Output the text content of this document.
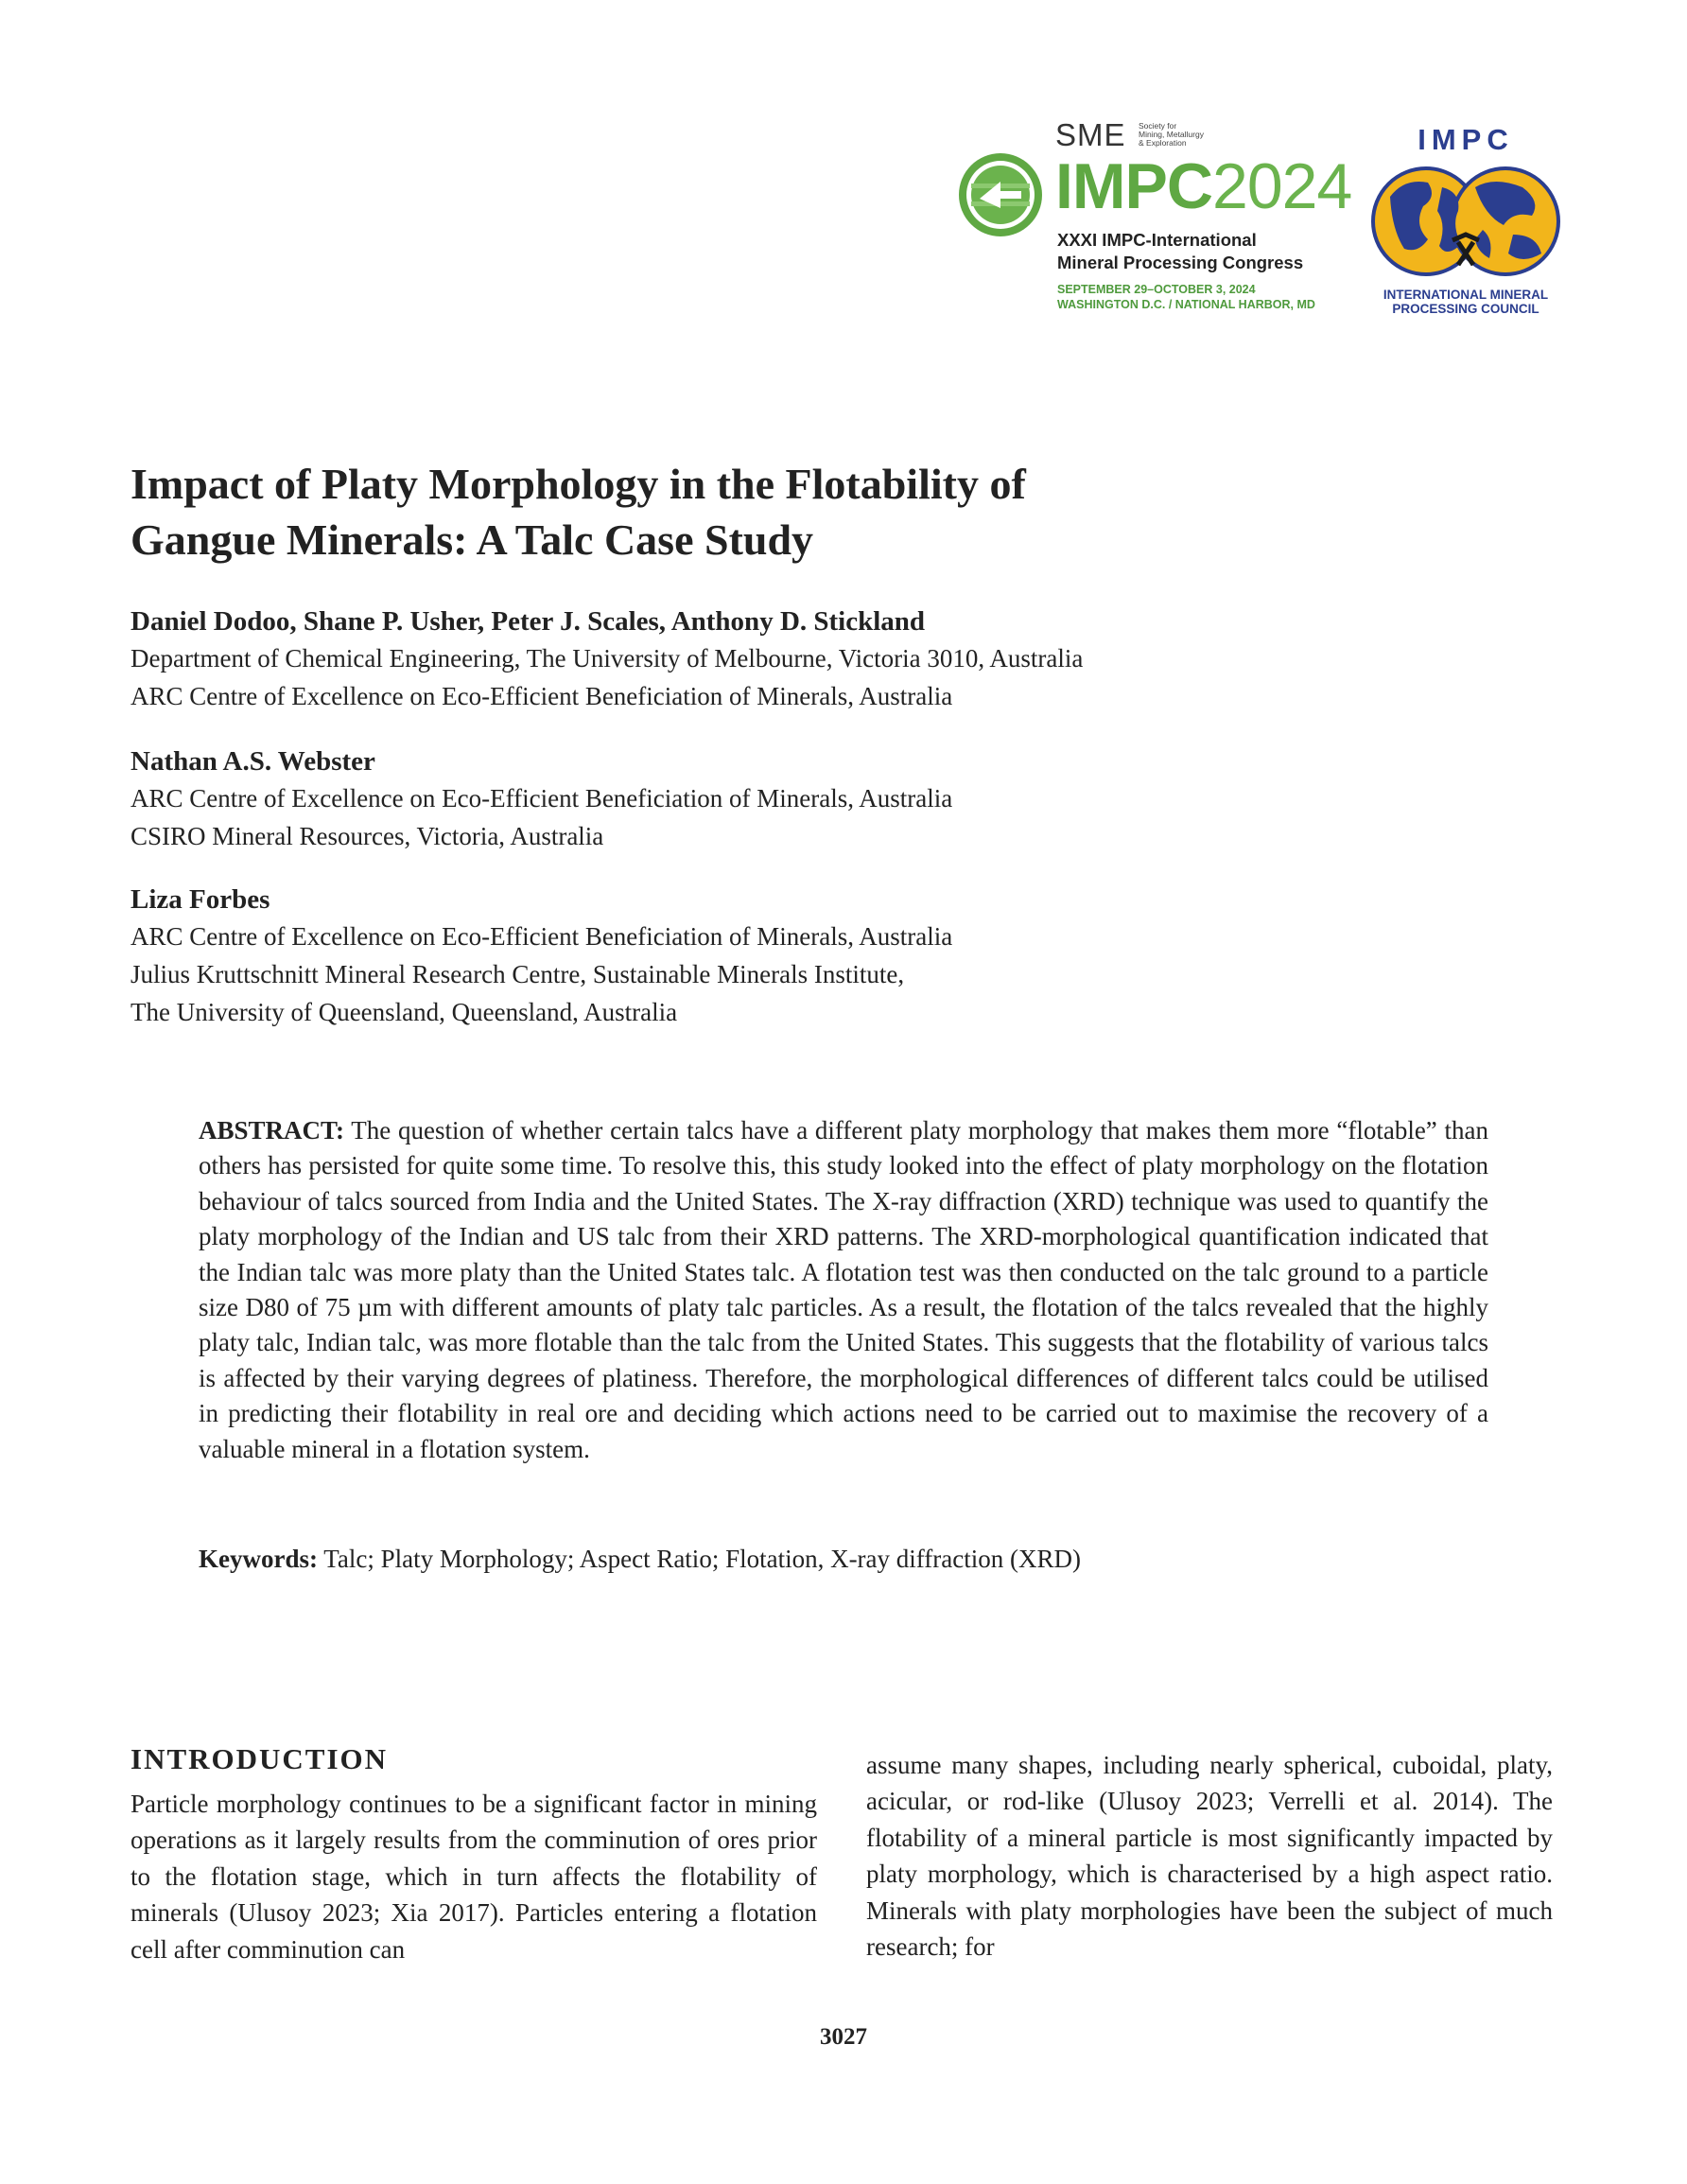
SME Society for
Mining, Metallurgy
& Exploration
IMPC2024
XXXI IMPC-International
Mineral Processing Congress
SEPTEMBER 29–OCTOBER 3, 2024
WASHINGTON D.C. / NATIONAL HARBOR, MD
IMPC
INTERNATIONAL MINERAL
PROCESSING COUNCIL
Impact of Platy Morphology in the Flotability of
Gangue Minerals: A Talc Case Study
Daniel Dodoo, Shane P. Usher, Peter J. Scales, Anthony D. Stickland
Department of Chemical Engineering, The University of Melbourne, Victoria 3010, Australia
ARC Centre of Excellence on Eco-Efficient Beneficiation of Minerals, Australia
Nathan A.S. Webster
ARC Centre of Excellence on Eco-Efficient Beneficiation of Minerals, Australia
CSIRO Mineral Resources, Victoria, Australia
Liza Forbes
ARC Centre of Excellence on Eco-Efficient Beneficiation of Minerals, Australia
Julius Kruttschnitt Mineral Research Centre, Sustainable Minerals Institute,
The University of Queensland, Queensland, Australia
ABSTRACT: The question of whether certain talcs have a different platy morphology that makes them more “flotable” than others has persisted for quite some time. To resolve this, this study looked into the effect of platy morphology on the flotation behaviour of talcs sourced from India and the United States. The X-ray diffraction (XRD) technique was used to quantify the platy morphology of the Indian and US talc from their XRD patterns. The XRD-morphological quantification indicated that the Indian talc was more platy than the United States talc. A flotation test was then conducted on the talc ground to a particle size D80 of 75 µm with different amounts of platy talc particles. As a result, the flotation of the talcs revealed that the highly platy talc, Indian talc, was more flotable than the talc from the United States. This suggests that the flotability of various talcs is affected by their varying degrees of platiness. Therefore, the morphological differences of different talcs could be utilised in predicting their flotability in real ore and deciding which actions need to be carried out to maximise the recovery of a valuable mineral in a flotation system.
Keywords: Talc; Platy Morphology; Aspect Ratio; Flotation, X-ray diffraction (XRD)
INTRODUCTION
Particle morphology continues to be a significant factor in mining operations as it largely results from the comminution of ores prior to the flotation stage, which in turn affects the flotability of minerals (Ulusoy 2023; Xia 2017). Particles entering a flotation cell after comminution can
assume many shapes, including nearly spherical, cuboidal, platy, acicular, or rod-like (Ulusoy 2023; Verrelli et al. 2014). The flotability of a mineral particle is most significantly impacted by platy morphology, which is characterised by a high aspect ratio. Minerals with platy morphologies have been the subject of much research; for
3027
